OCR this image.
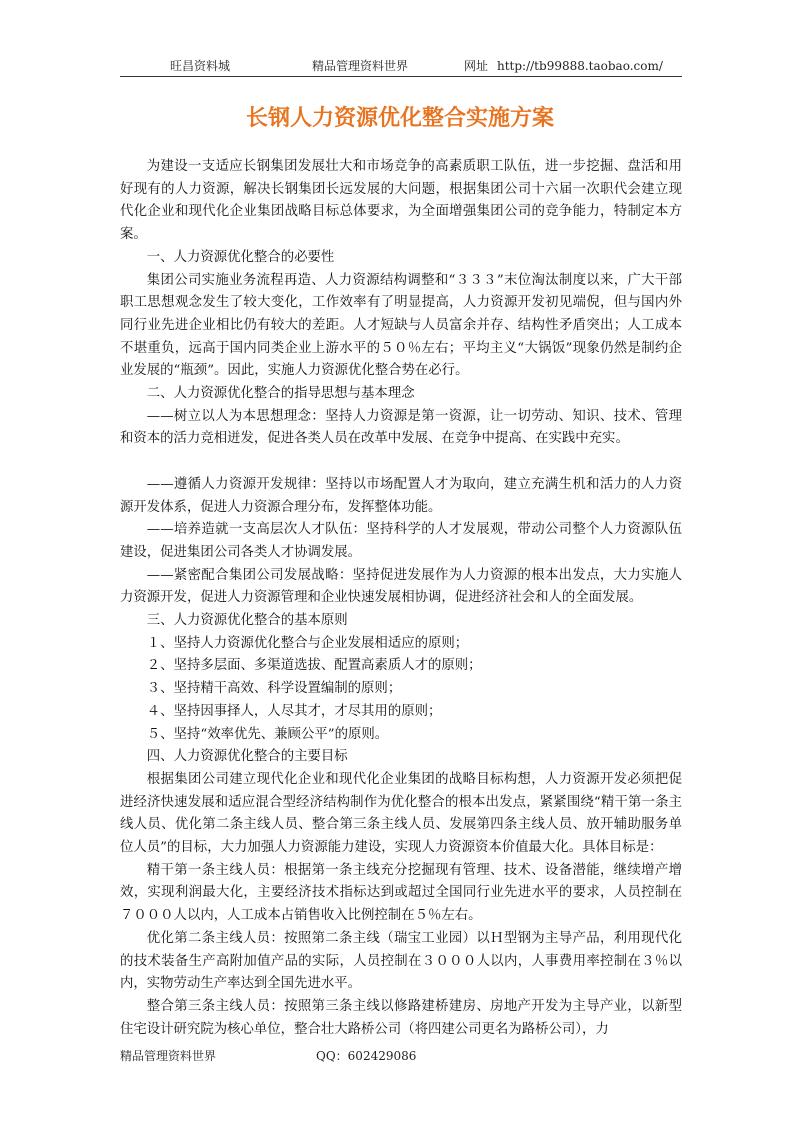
旺昌资料城	精品管理资料世界	网址 http://tb99888.taobao.com/
长钢人力资源优化整合实施方案

为建设一支适应长钢集团发展壮大和市场竞争的高素质职工队伍，进一步挖掘、盘活和用好现有的人力资源，解决长钢集团长远发展的大问题，根据集团公司十六届一次职代会建立现代化企业和现代化企业集团战略目标总体要求，为全面增强集团公司的竞争能力，特制定本方案。

一、人力资源优化整合的必要性

集团公司实施业务流程再造、人力资源结构调整和“３３３”末位淘汰制度以来，广大干部职工思想观念发生了较大变化，工作效率有了明显提高，人力资源开发初见端倪，但与国内外同行业先进企业相比仍有较大的差距。人才短缺与人员富余并存、结构性矛盾突出；人工成本不堪重负，远高于国内同类企业上游水平的５０％左右；平均主义“大锅饭”现象仍然是制约企业发展的“瓶颈”。因此，实施人力资源优化整合势在必行。

二、人力资源优化整合的指导思想与基本理念

——树立以人为本思想理念：坚持人力资源是第一资源，让一切劳动、知识、技术、管理和资本的活力竞相迸发，促进各类人员在改革中发展、在竞争中提高、在实践中充实。

——遵循人力资源开发规律：坚持以市场配置人才为取向，建立充满生机和活力的人力资源开发体系，促进人力资源合理分布，发挥整体功能。

——培养造就一支高层次人才队伍：坚持科学的人才发展观，带动公司整个人力资源队伍建设，促进集团公司各类人才协调发展。

——紧密配合集团公司发展战略：坚持促进发展作为人力资源的根本出发点，大力实施人力资源开发，促进人力资源管理和企业快速发展相协调，促进经济社会和人的全面发展。

三、人力资源优化整合的基本原则

１、坚持人力资源优化整合与企业发展相适应的原则；

２、坚持多层面、多渠道选拔、配置高素质人才的原则；

３、坚持精干高效、科学设置编制的原则；

４、坚持因事择人，人尽其才，才尽其用的原则；

５、坚持“效率优先、兼顾公平”的原则。

四、人力资源优化整合的主要目标

根据集团公司建立现代化企业和现代化企业集团的战略目标构想，人力资源开发必须把促进经济快速发展和适应混合型经济结构制作为优化整合的根本出发点，紧紧围绕“精干第一条主线人员、优化第二条主线人员、整合第三条主线人员、发展第四条主线人员、放开辅助服务单位人员”的目标，大力加强人力资源能力建设，实现人力资源资本价值最大化。具体目标是：

精干第一条主线人员：根据第一条主线充分挖掘现有管理、技术、设备潜能，继续增产增效，实现利润最大化，主要经济技术指标达到或超过全国同行业先进水平的要求，人员控制在７０００人以内，人工成本占销售收入比例控制在５％左右。

优化第二条主线人员：按照第二条主线（瑞宝工业园）以Ｈ型钢为主导产品，利用现代化的技术装备生产高附加值产品的实际，人员控制在３０００人以内，人事费用率控制在３％以内，实物劳动生产率达到全国先进水平。

整合第三条主线人员：按照第三条主线以修路建桥建房、房地产开发为主导产业，以新型住宅设计研究院为核心单位，整合壮大路桥公司（将四建公司更名为路桥公司），力

精品管理资料世界	QQ：602429086
